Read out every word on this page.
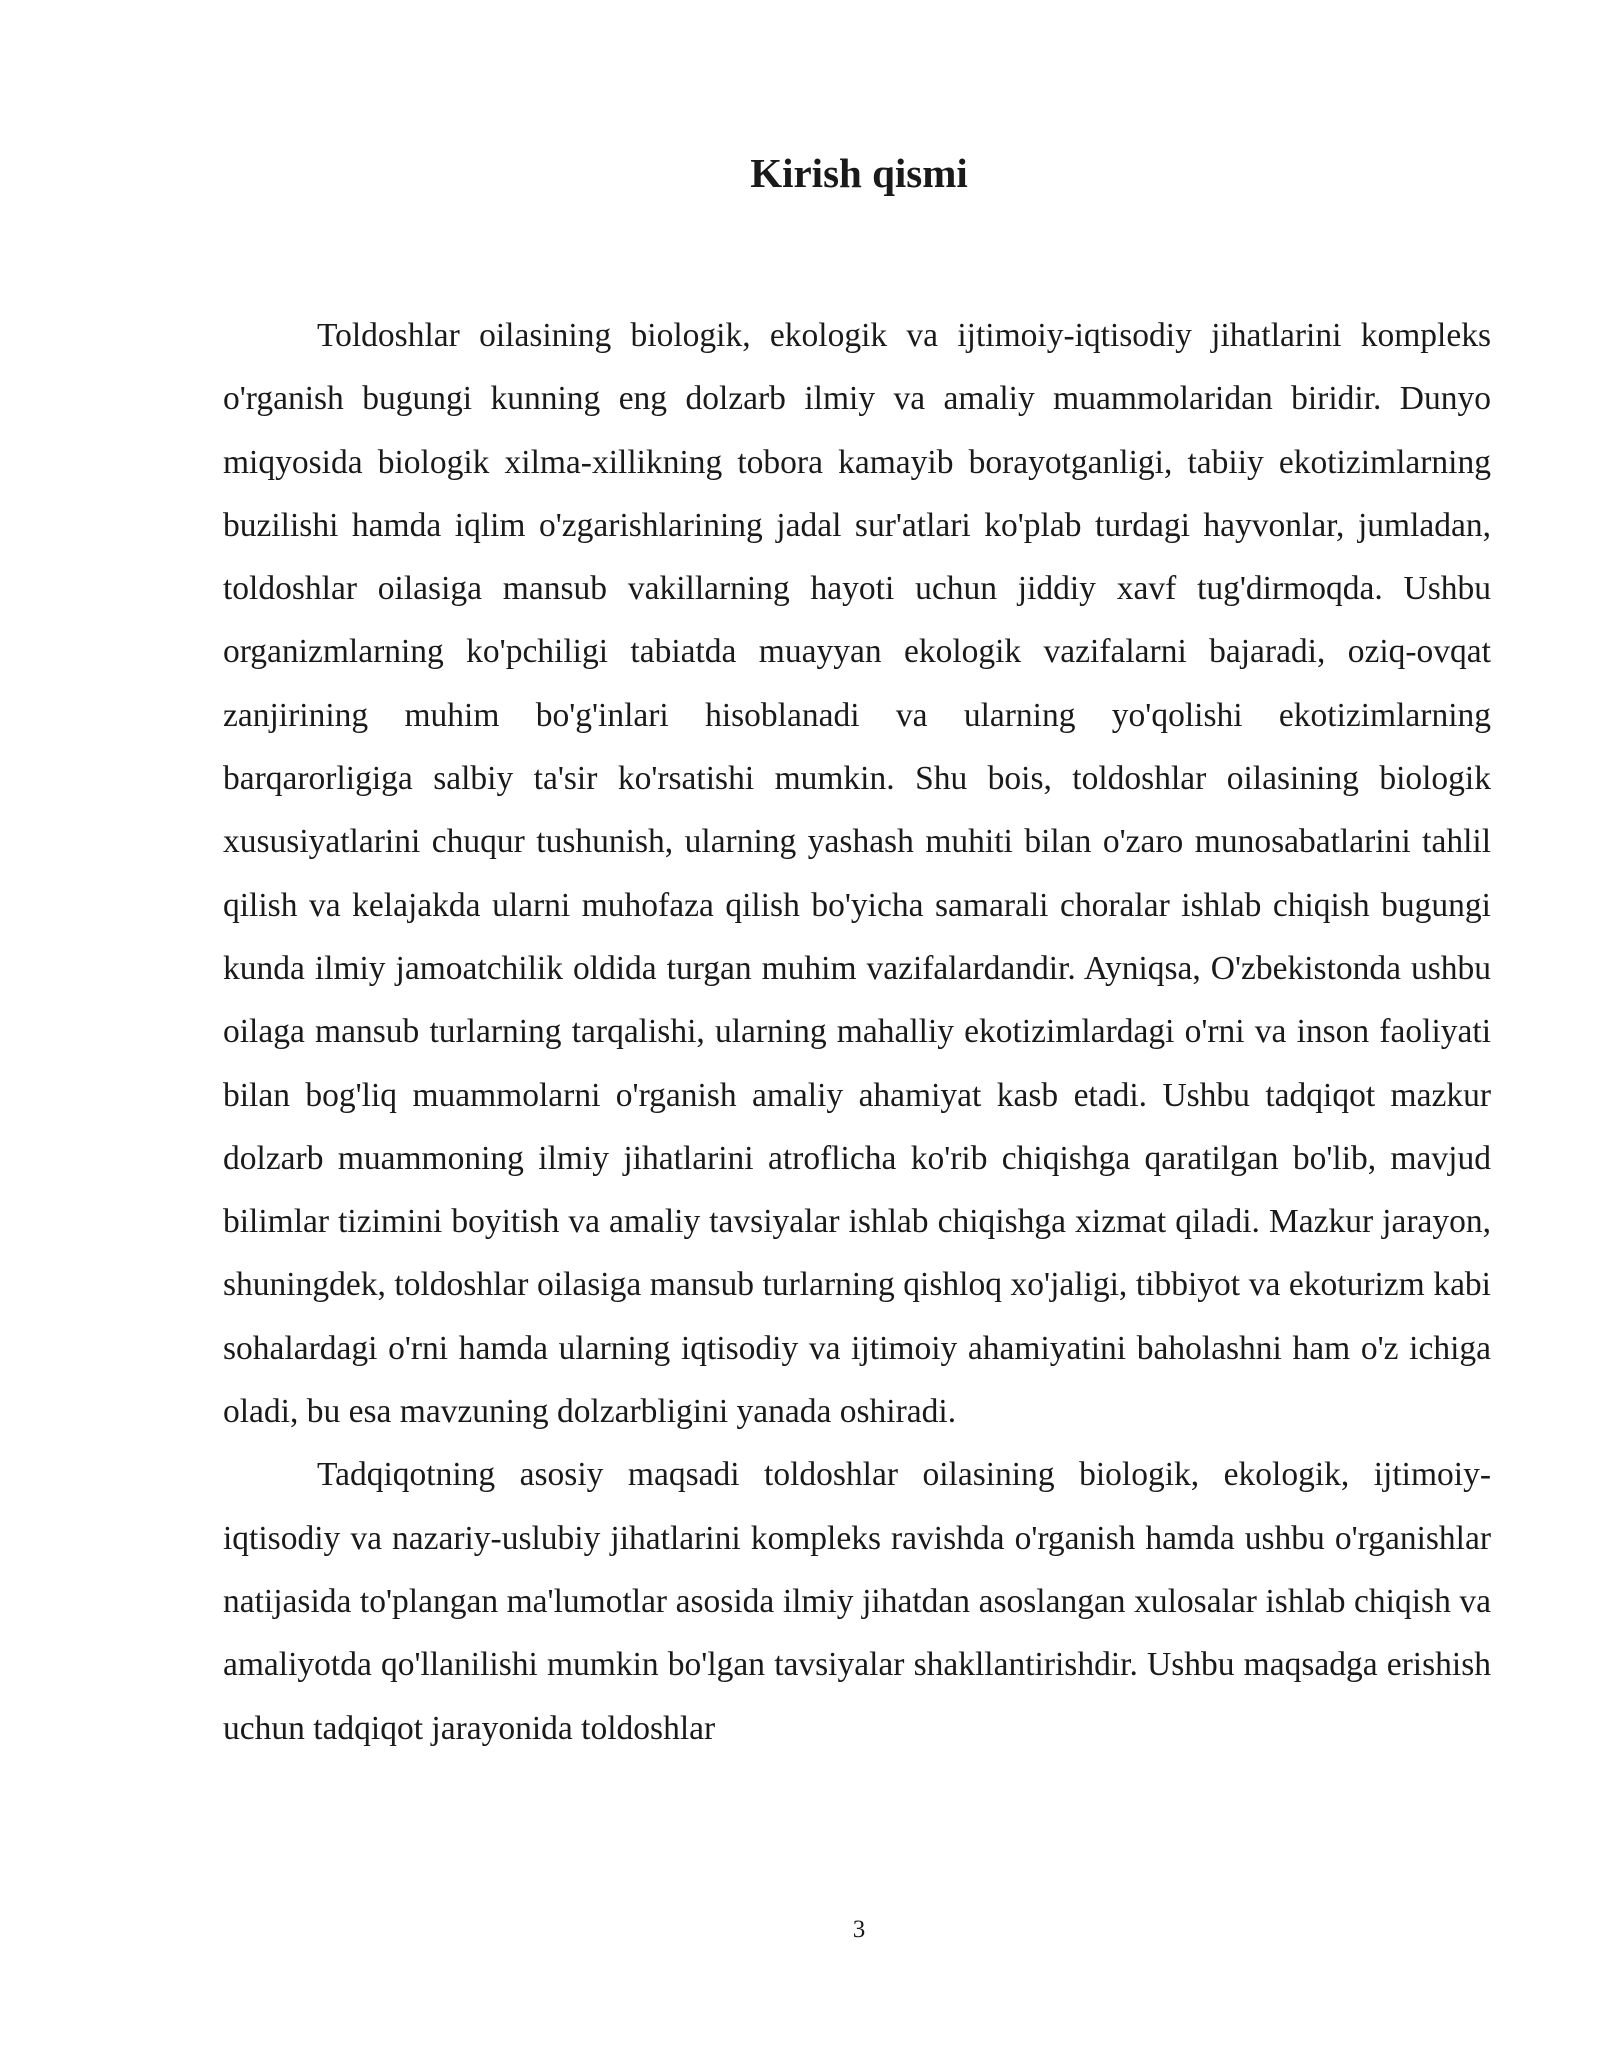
Kirish qismi

Toldoshlar oilasining biologik, ekologik va ijtimoiy-iqtisodiy jihatlarini kompleks o'rganish bugungi kunning eng dolzarb ilmiy va amaliy muammolaridan biridir. Dunyo miqyosida biologik xilma-xillikning tobora kamayib borayotganligi, tabiiy ekotizimlarning buzilishi hamda iqlim o'zgarishlarining jadal sur'atlari ko'plab turdagi hayvonlar, jumladan, toldoshlar oilasiga mansub vakillarning hayoti uchun jiddiy xavf tug'dirmoqda. Ushbu organizmlarning ko'pchiligi tabiatda muayyan ekologik vazifalarni bajaradi, oziq-ovqat zanjirining muhim bo'g'inlari hisoblanadi va ularning yo'qolishi ekotizimlarning barqarorligiga salbiy ta'sir ko'rsatishi mumkin. Shu bois, toldoshlar oilasining biologik xususiyatlarini chuqur tushunish, ularning yashash muhiti bilan o'zaro munosabatlarini tahlil qilish va kelajakda ularni muhofaza qilish bo'yicha samarali choralar ishlab chiqish bugungi kunda ilmiy jamoatchilik oldida turgan muhim vazifalardandir. Ayniqsa, O'zbekistonda ushbu oilaga mansub turlarning tarqalishi, ularning mahalliy ekotizimlardagi o'rni va inson faoliyati bilan bog'liq muammolarni o'rganish amaliy ahamiyat kasb etadi. Ushbu tadqiqot mazkur dolzarb muammoning ilmiy jihatlarini atroflicha ko'rib chiqishga qaratilgan bo'lib, mavjud bilimlar tizimini boyitish va amaliy tavsiyalar ishlab chiqishga xizmat qiladi. Mazkur jarayon, shuningdek, toldoshlar oilasiga mansub turlarning qishloq xo'jaligi, tibbiyot va ekoturizm kabi sohalardagi o'rni hamda ularning iqtisodiy va ijtimoiy ahamiyatini baholashni ham o'z ichiga oladi, bu esa mavzuning dolzarbligini yanada oshiradi.

Tadqiqotning asosiy maqsadi toldoshlar oilasining biologik, ekologik, ijtimoiy-iqtisodiy va nazariy-uslubiy jihatlarini kompleks ravishda o'rganish hamda ushbu o'rganishlar natijasida to'plangan ma'lumotlar asosida ilmiy jihatdan asoslangan xulosalar ishlab chiqish va amaliyotda qo'llanilishi mumkin bo'lgan tavsiyalar shakllantirishdir. Ushbu maqsadga erishish uchun tadqiqot jarayonida toldoshlar

3
